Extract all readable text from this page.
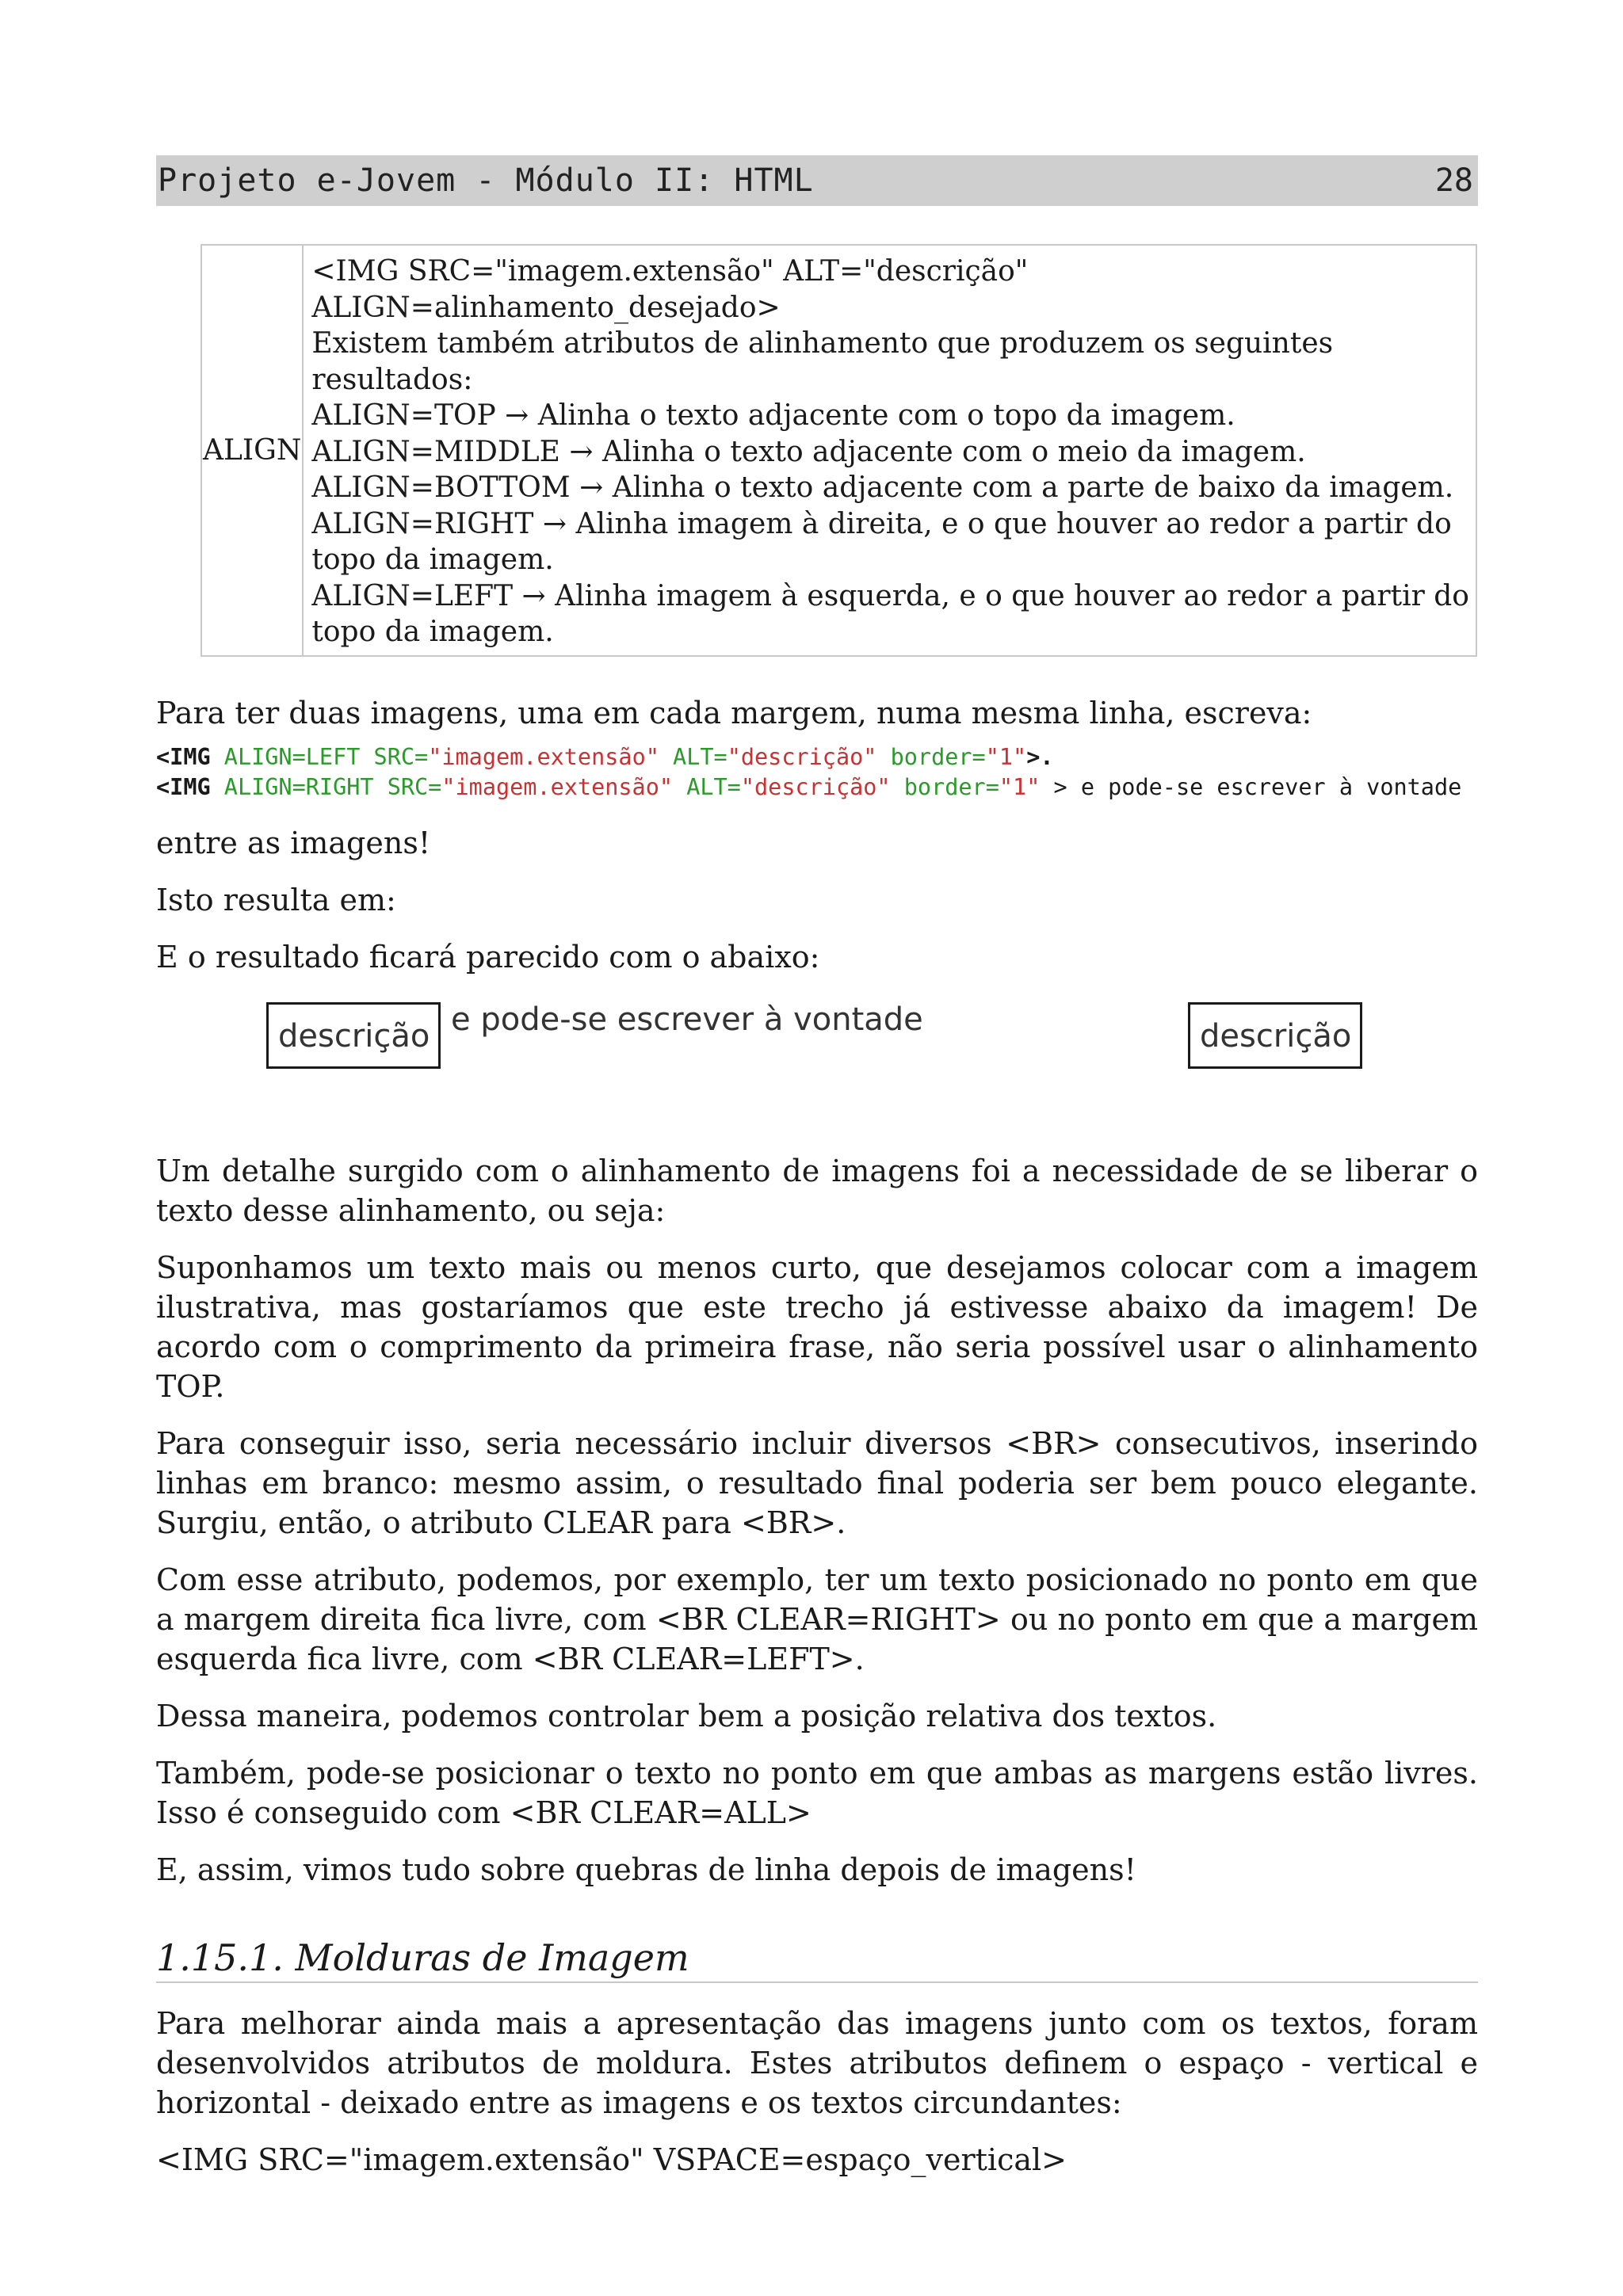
Projeto e-Jovem - Módulo II: HTML	28
ALIGN	
<IMG SRC="imagem.extensão" ALT="descrição"
ALIGN=alinhamento_desejado>
Existem também atributos de alinhamento que produzem os seguintes
resultados:
ALIGN=TOP → Alinha o texto adjacente com o topo da imagem.
ALIGN=MIDDLE → Alinha o texto adjacente com o meio da imagem.
ALIGN=BOTTOM → Alinha o texto adjacente com a parte de baixo da imagem.
ALIGN=RIGHT → Alinha imagem à direita, e o que houver ao redor a partir do
topo da imagem.
ALIGN=LEFT → Alinha imagem à esquerda, e o que houver ao redor a partir do
topo da imagem.

Para ter duas imagens, uma em cada margem, numa mesma linha, escreva:

<IMG ALIGN=LEFT SRC="imagem.extensão" ALT="descrição" border="1">.
<IMG ALIGN=RIGHT SRC="imagem.extensão" ALT="descrição" border="1" > e pode-se escrever à vontade

entre as imagens!

Isto resulta em:

E o resultado ficará parecido com o abaixo:

descrição e pode-se escrever à vontade	descrição

Um detalhe surgido com o alinhamento de imagens foi a necessidade de se liberar o texto desse alinhamento, ou seja:

Suponhamos um texto mais ou menos curto, que desejamos colocar com a imagem ilustrativa, mas gostaríamos que este trecho já estivesse abaixo da imagem! De acordo com o comprimento da primeira frase, não seria possível usar o alinhamento TOP.

Para conseguir isso, seria necessário incluir diversos <BR> consecutivos, inserindo linhas em branco: mesmo assim, o resultado final poderia ser bem pouco elegante. Surgiu, então, o atributo CLEAR para <BR>.

Com esse atributo, podemos, por exemplo, ter um texto posicionado no ponto em que a margem direita fica livre, com <BR CLEAR=RIGHT> ou no ponto em que a margem esquerda fica livre, com <BR CLEAR=LEFT>.

Dessa maneira, podemos controlar bem a posição relativa dos textos.

Também, pode-se posicionar o texto no ponto em que ambas as margens estão livres. Isso é conseguido com <BR CLEAR=ALL>

E, assim, vimos tudo sobre quebras de linha depois de imagens!

1.15.1. Molduras de Imagem

Para melhorar ainda mais a apresentação das imagens junto com os textos, foram desenvolvidos atributos de moldura. Estes atributos definem o espaço - vertical e horizontal - deixado entre as imagens e os textos circundantes:

<IMG SRC="imagem.extensão" VSPACE=espaço_vertical>
